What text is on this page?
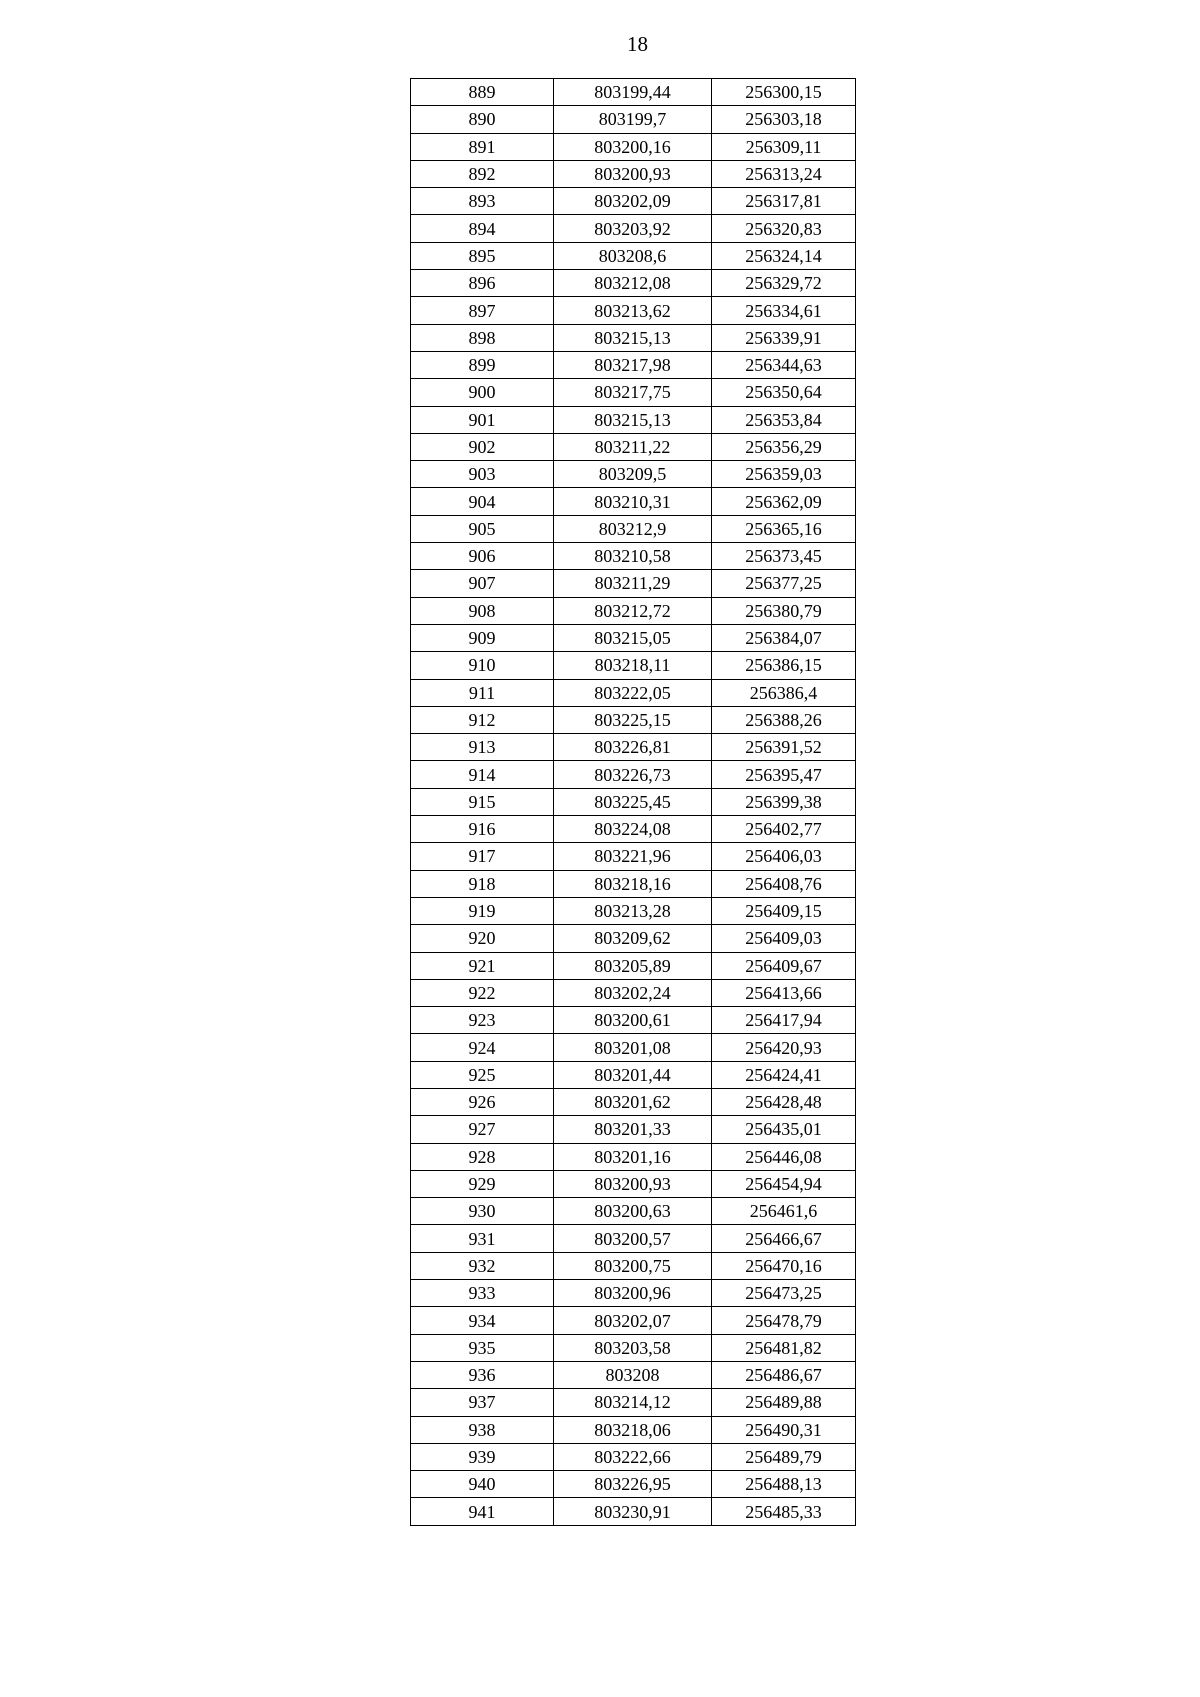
18
889	803199,44	256300,15
890	803199,7	256303,18
891	803200,16	256309,11
892	803200,93	256313,24
893	803202,09	256317,81
894	803203,92	256320,83
895	803208,6	256324,14
896	803212,08	256329,72
897	803213,62	256334,61
898	803215,13	256339,91
899	803217,98	256344,63
900	803217,75	256350,64
901	803215,13	256353,84
902	803211,22	256356,29
903	803209,5	256359,03
904	803210,31	256362,09
905	803212,9	256365,16
906	803210,58	256373,45
907	803211,29	256377,25
908	803212,72	256380,79
909	803215,05	256384,07
910	803218,11	256386,15
911	803222,05	256386,4
912	803225,15	256388,26
913	803226,81	256391,52
914	803226,73	256395,47
915	803225,45	256399,38
916	803224,08	256402,77
917	803221,96	256406,03
918	803218,16	256408,76
919	803213,28	256409,15
920	803209,62	256409,03
921	803205,89	256409,67
922	803202,24	256413,66
923	803200,61	256417,94
924	803201,08	256420,93
925	803201,44	256424,41
926	803201,62	256428,48
927	803201,33	256435,01
928	803201,16	256446,08
929	803200,93	256454,94
930	803200,63	256461,6
931	803200,57	256466,67
932	803200,75	256470,16
933	803200,96	256473,25
934	803202,07	256478,79
935	803203,58	256481,82
936	803208	256486,67
937	803214,12	256489,88
938	803218,06	256490,31
939	803222,66	256489,79
940	803226,95	256488,13
941	803230,91	256485,33
